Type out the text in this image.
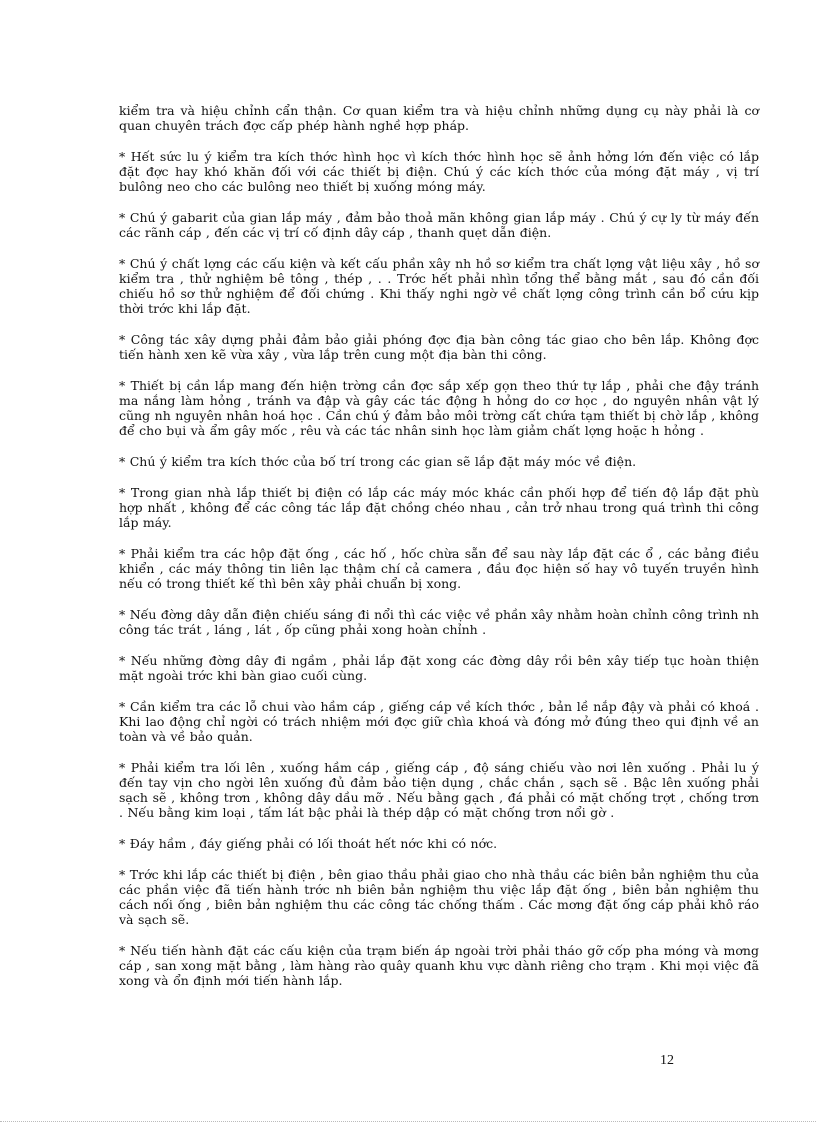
kiểm tra và hiệu chỉnh cẩn thận. Cơ quan kiểm tra và hiệu chỉnh những dụng cụ này phải là cơ quan chuyên trách đợc cấp phép hành nghề hợp pháp.

* Hết sức lu ý kiểm tra kích thớc hình học vì kích thớc hình học sẽ ảnh hởng lớn đến việc có lắp đặt đợc hay khó khăn đối với các thiết bị điện. Chú ý các kích thớc của móng đặt máy , vị trí bulông neo cho các bulông neo thiết bị xuống móng máy.

* Chú ý gabarit của gian lắp máy , đảm bảo thoả mãn không gian lắp máy . Chú ý cự ly từ máy đến các rãnh cáp , đến các vị trí cố định dây cáp , thanh quẹt dẫn điện.

* Chú ý chất lợng các cấu kiện và kết cấu phần xây nh hồ sơ kiểm tra chất lợng vật liệu xây , hồ sơ kiểm tra , thử nghiệm bê tông , thép , . . Trớc hết phải nhìn tổng thể bằng mắt , sau đó cần đối chiếu hồ sơ thử nghiệm để đối chứng . Khi thấy nghi ngờ về chất lợng công trình cần bổ cứu kịp thời trớc khi lắp đặt.

* Công tác xây dựng phải đảm bảo giải phóng đợc địa bàn công tác giao cho bên lắp. Không đợc tiến hành xen kẽ vừa xây , vừa lắp trên cung một địa bàn thi công.

* Thiết bị cần lắp mang đến hiện trờng cần đợc sắp xếp gọn theo thứ tự lắp , phải che đậy tránh ma nắng làm hỏng , tránh va đập và gây các tác động h hỏng do cơ học , do nguyên nhân vật lý cũng nh nguyên nhân hoá học . Cần chú ý đảm bảo môi trờng cất chứa tạm thiết bị chờ lắp , không để cho bụi và ẩm gây mốc , rêu và các tác nhân sinh học làm giảm chất lợng hoặc h hỏng .

* Chú ý kiểm tra kích thớc của bố trí trong các gian sẽ lắp đặt máy móc về điện.

* Trong gian nhà lắp thiết bị điện có lắp các máy móc khác cần phối hợp để tiến độ lắp đặt phù hợp nhất , không để các công tác lắp đặt chồng chéo nhau , cản trở nhau trong quá trình thi công lắp máy.

* Phải kiểm tra các hộp đặt ống , các hố , hốc chừa sẵn để sau này lắp đặt các ổ , các bảng điều khiển , các máy thông tin liên lạc thậm chí cả camera , đầu đọc hiện số hay vô tuyến truyền hình nếu có trong thiết kế thì bên xây phải chuẩn bị xong.

* Nếu đờng dây dẫn điện chiếu sáng đi nổi thì các việc về phần xây nhằm hoàn chỉnh công trình nh công tác trát , láng , lát , ốp cũng phải xong hoàn chỉnh .

* Nếu những đờng dây đi ngầm , phải lắp đặt xong các đờng dây rồi bên xây tiếp tục hoàn thiện mặt ngoài trớc khi bàn giao cuối cùng.

* Cần kiểm tra các lỗ chui vào hầm cáp , giếng cáp về kích thớc , bản lề nắp đậy và phải có khoá . Khi lao động chỉ ngời có trách nhiệm mới đợc giữ chìa khoá và đóng mở đúng theo qui định về an toàn và về bảo quản.

* Phải kiểm tra lối lên , xuống hầm cáp , giếng cáp , độ sáng chiếu vào nơi lên xuống . Phải lu ý đến tay vịn cho ngời lên xuống đủ đảm bảo tiện dụng , chắc chắn , sạch sẽ . Bậc lên xuống phải sạch sẽ , không trơn , không dây dầu mỡ . Nếu bằng gạch , đá phải có mặt chống trợt , chống trơn . Nếu bằng kim loại , tấm lát bậc phải là thép dập có mặt chống trơn nổi gờ .

* Đáy hầm , đáy giếng phải có lối thoát hết nớc khi có nớc.

* Trớc khi lắp các thiết bị điện , bên giao thầu phải giao cho nhà thầu các biên bản nghiệm thu của các phần việc đã tiến hành trớc nh biên bản nghiệm thu việc lắp đặt ống , biên bản nghiệm thu cách nối ống , biên bản nghiệm thu các công tác chống thấm . Các mơng đặt ống cáp phải khô ráo và sạch sẽ.

* Nếu tiến hành đặt các cấu kiện của trạm biến áp ngoài trời phải tháo gỡ cốp pha móng và mơng cáp , san xong mặt bằng , làm hàng rào quây quanh khu vực dành riêng cho trạm . Khi mọi việc đã xong và ổn định mới tiến hành lắp.

12
